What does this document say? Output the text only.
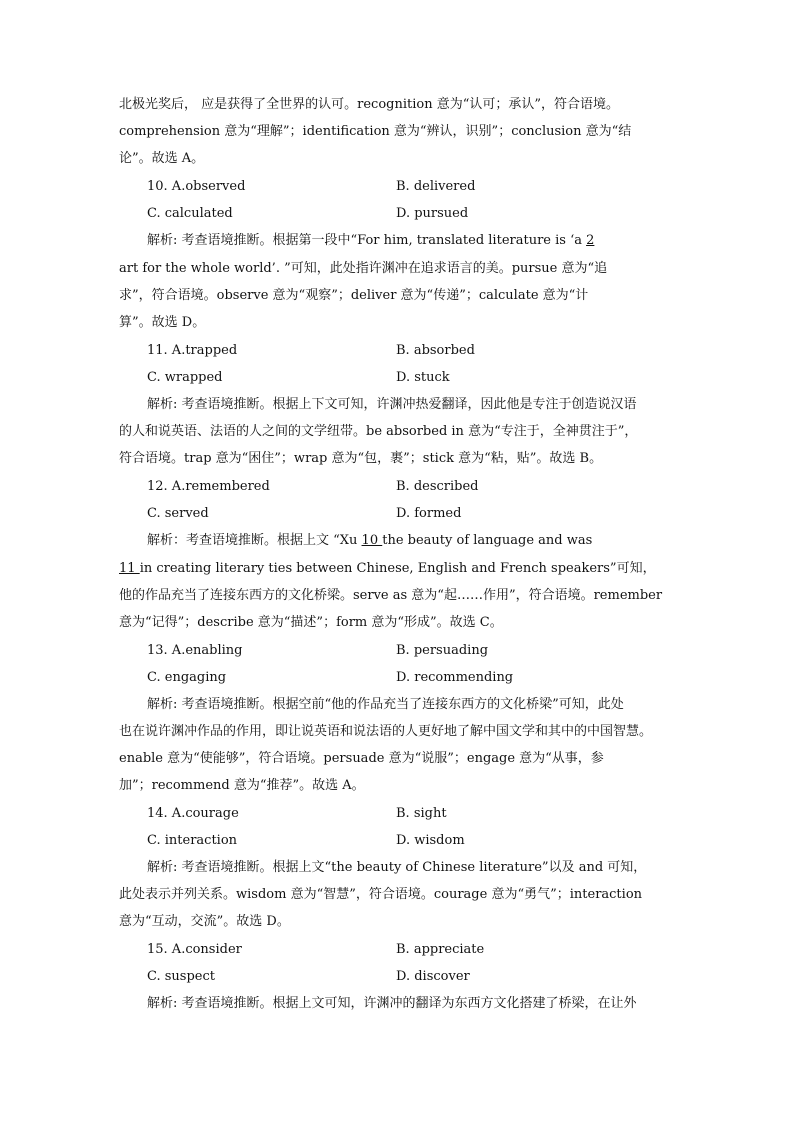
北极光奖后， 应是获得了全世界的认可。recognition 意为“认可；承认”，符合语境。
comprehension 意为“理解”；identification 意为“辨认，识别”；conclusion 意为“结
论”。故选 A。
10. A.observed	B. delivered
C. calculated	D. pursued
解析: 考查语境推断。根据第一段中“For him, translated literature is ‘a 2
art for the whole world’. ”可知，此处指许渊冲在追求语言的美。pursue 意为“追
求”，符合语境。observe 意为“观察”；deliver 意为“传递”；calculate 意为“计
算”。故选 D。
11. A.trapped	B. absorbed
C. wrapped	D. stuck
解析: 考查语境推断。根据上下文可知，许渊冲热爱翻译，因此他是专注于创造说汉语
的人和说英语、法语的人之间的文学纽带。be absorbed in 意为“专注于，全神贯注于”，
符合语境。trap 意为“困住”；wrap 意为“包，裹”；stick 意为“粘，贴”。故选 B。
12. A.remembered	B. described
C. served	D. formed
解析：考查语境推断。根据上文 “Xu 10 the beauty of language and was
11 in creating literary ties between Chinese, English and French speakers”可知，
他的作品充当了连接东西方的文化桥梁。serve as 意为“起……作用”，符合语境。remember
意为“记得”；describe 意为“描述”；form 意为“形成”。故选 C。
13. A.enabling	B. persuading
C. engaging	D. recommending
解析: 考查语境推断。根据空前“他的作品充当了连接东西方的文化桥梁”可知，此处
也在说许渊冲作品的作用，即让说英语和说法语的人更好地了解中国文学和其中的中国智慧。
enable 意为“使能够”，符合语境。persuade 意为“说服”；engage 意为“从事，参
加”；recommend 意为“推荐”。故选 A。
14. A.courage	B. sight
C. interaction	D. wisdom
解析: 考查语境推断。根据上文“the beauty of Chinese literature”以及 and 可知，
此处表示并列关系。wisdom 意为“智慧”，符合语境。courage 意为“勇气”；interaction
意为“互动，交流”。故选 D。
15. A.consider	B. appreciate
C. suspect	D. discover
解析: 考查语境推断。根据上文可知，许渊冲的翻译为东西方文化搭建了桥梁，在让外
